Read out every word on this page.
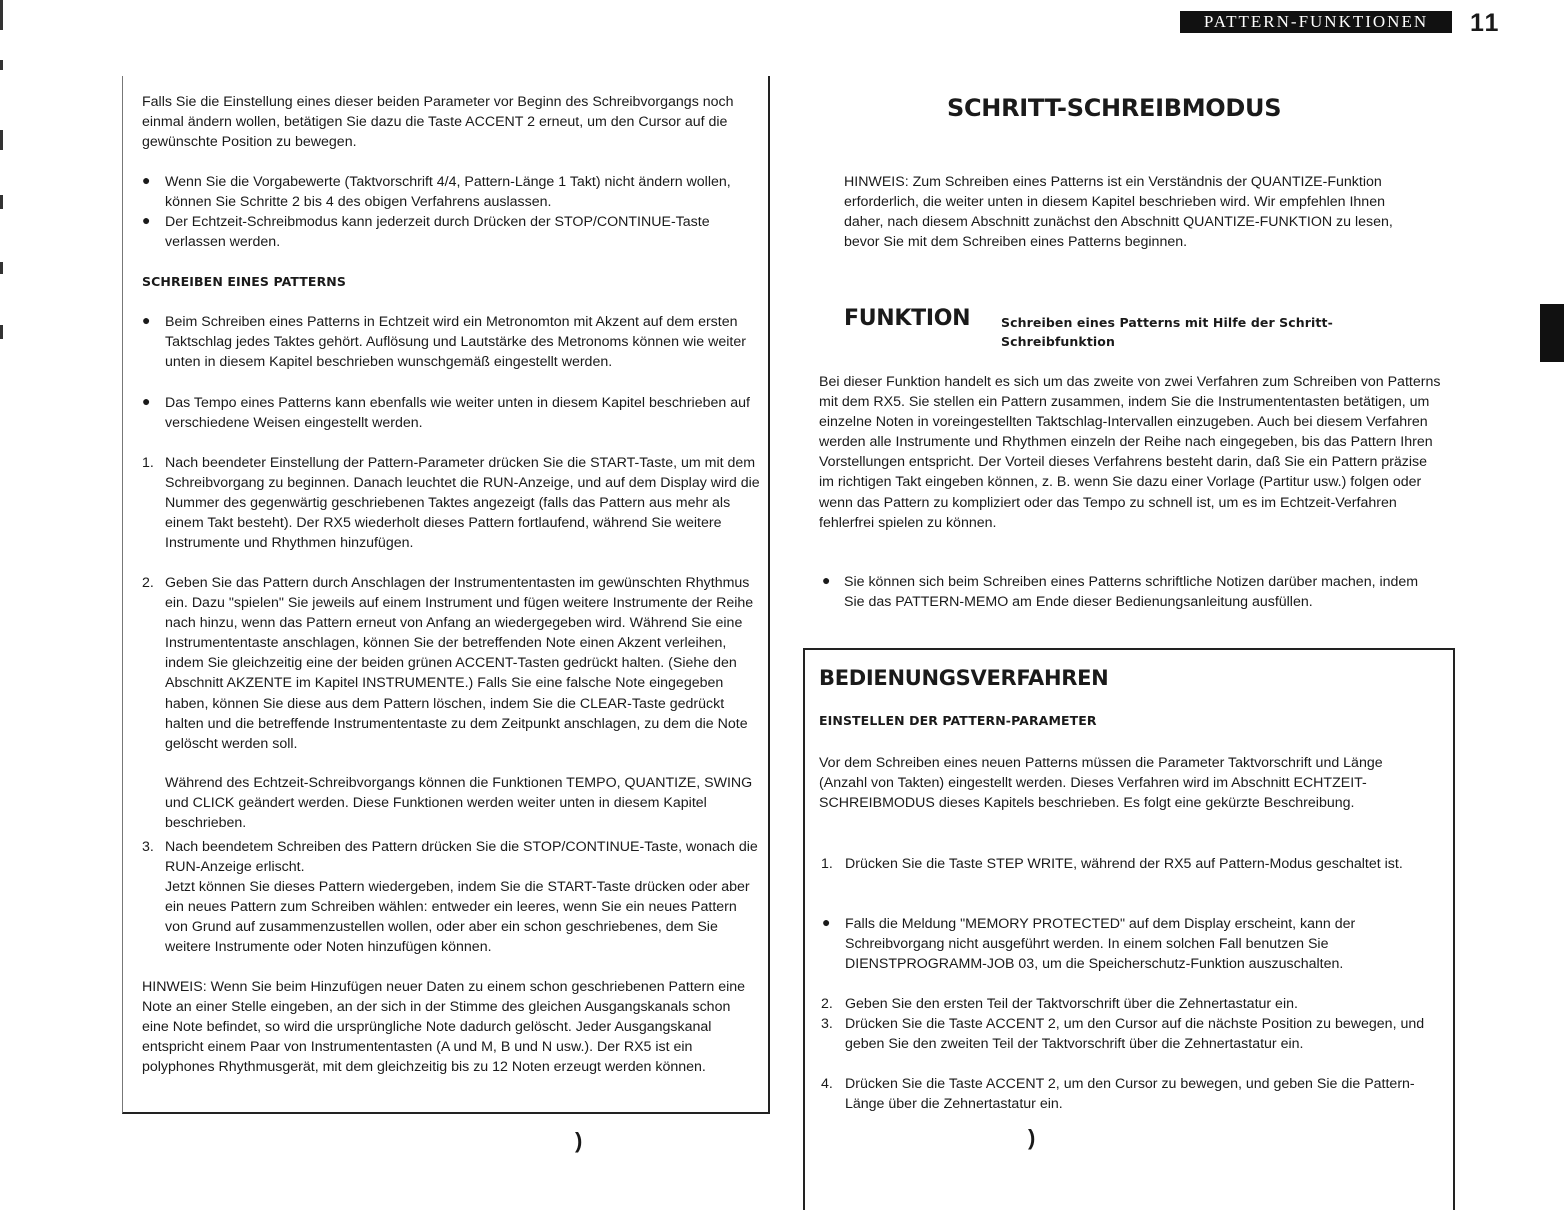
PATTERN-FUNKTIONEN	11

Falls Sie die Einstellung eines dieser beiden Parameter vor Beginn des Schreibvorgangs noch einmal ändern wollen, betätigen Sie dazu die Taste ACCENT 2 erneut, um den Cursor auf die gewünschte Position zu bewegen.

● Wenn Sie die Vorgabewerte (Taktvorschrift 4/4, Pattern-Länge 1 Takt) nicht ändern wollen, können Sie Schritte 2 bis 4 des obigen Verfahrens auslassen.

● Der Echtzeit-Schreibmodus kann jederzeit durch Drücken der STOP/CONTINUE-Taste verlassen werden.

SCHREIBEN EINES PATTERNS
● Beim Schreiben eines Patterns in Echtzeit wird ein Metronomton mit Akzent auf dem ersten Taktschlag jedes Taktes gehört. Auflösung und Lautstärke des Metronoms können wie weiter unten in diesem Kapitel beschrieben wunschgemäß eingestellt werden.

● Das Tempo eines Patterns kann ebenfalls wie weiter unten in diesem Kapitel beschrieben auf verschiedene Weisen eingestellt werden.

1. Nach beendeter Einstellung der Pattern-Parameter drücken Sie die START-Taste, um mit dem Schreibvorgang zu beginnen. Danach leuchtet die RUN-Anzeige, und auf dem Display wird die Nummer des gegenwärtig geschriebenen Taktes angezeigt (falls das Pattern aus mehr als einem Takt besteht). Der RX5 wiederholt dieses Pattern fortlaufend, während Sie weitere Instrumente und Rhythmen hinzufügen.

2. Geben Sie das Pattern durch Anschlagen der Instrumententasten im gewünschten Rhythmus ein. Dazu "spielen" Sie jeweils auf einem Instrument und fügen weitere Instrumente der Reihe nach hinzu, wenn das Pattern erneut von Anfang an wiedergegeben wird. Während Sie eine Instrumententaste anschlagen, können Sie der betreffenden Note einen Akzent verleihen, indem Sie gleichzeitig eine der beiden grünen ACCENT-Tasten gedrückt halten. (Siehe den Abschnitt AKZENTE im Kapitel INSTRUMENTE.) Falls Sie eine falsche Note eingegeben haben, können Sie diese aus dem Pattern löschen, indem Sie die CLEAR-Taste gedrückt halten und die betreffende Instrumententaste zu dem Zeitpunkt anschlagen, zu dem die Note gelöscht werden soll.

Während des Echtzeit-Schreibvorgangs können die Funktionen TEMPO, QUANTIZE, SWING und CLICK geändert werden. Diese Funktionen werden weiter unten in diesem Kapitel beschrieben.

3. Nach beendetem Schreiben des Pattern drücken Sie die STOP/CONTINUE-Taste, wonach die RUN-Anzeige erlischt.

Jetzt können Sie dieses Pattern wiedergeben, indem Sie die START-Taste drücken oder aber ein neues Pattern zum Schreiben wählen: entweder ein leeres, wenn Sie ein neues Pattern von Grund auf zusammenzustellen wollen, oder aber ein schon geschriebenes, dem Sie weitere Instrumente oder Noten hinzufügen können.

HINWEIS: Wenn Sie beim Hinzufügen neuer Daten zu einem schon geschriebenen Pattern eine Note an einer Stelle eingeben, an der sich in der Stimme des gleichen Ausgangskanals schon eine Note befindet, so wird die ursprüngliche Note dadurch gelöscht. Jeder Ausgangskanal entspricht einem Paar von Instrumententasten (A und M, B und N usw.). Der RX5 ist ein polyphones Rhythmusgerät, mit dem gleichzeitig bis zu 12 Noten erzeugt werden können.

)
SCHRITT-SCHREIBMODUS

HINWEIS: Zum Schreiben eines Patterns ist ein Verständnis der QUANTIZE-Funktion erforderlich, die weiter unten in diesem Kapitel beschrieben wird. Wir empfehlen Ihnen daher, nach diesem Abschnitt zunächst den Abschnitt QUANTIZE-FUNKTION zu lesen, bevor Sie mit dem Schreiben eines Patterns beginnen.

FUNKTION Schreiben eines Patterns mit Hilfe der Schritt-
Schreibfunktion

Bei dieser Funktion handelt es sich um das zweite von zwei Verfahren zum Schreiben von Patterns mit dem RX5. Sie stellen ein Pattern zusammen, indem Sie die Instrumententasten betätigen, um einzelne Noten in voreingestellten Taktschlag-Intervallen einzugeben. Auch bei diesem Verfahren werden alle Instrumente und Rhythmen einzeln der Reihe nach eingegeben, bis das Pattern Ihren Vorstellungen entspricht. Der Vorteil dieses Verfahrens besteht darin, daß Sie ein Pattern präzise im richtigen Takt eingeben können, z. B. wenn Sie dazu einer Vorlage (Partitur usw.) folgen oder wenn das Pattern zu kompliziert oder das Tempo zu schnell ist, um es im Echtzeit-Verfahren fehlerfrei spielen zu können.

● Sie können sich beim Schreiben eines Patterns schriftliche Notizen darüber machen, indem Sie das PATTERN-MEMO am Ende dieser Bedienungsanleitung ausfüllen.

BEDIENUNGSVERFAHREN
EINSTELLEN DER PATTERN-PARAMETER

Vor dem Schreiben eines neuen Patterns müssen die Parameter Taktvorschrift und Länge (Anzahl von Takten) eingestellt werden. Dieses Verfahren wird im Abschnitt ECHTZEIT-SCHREIBMODUS dieses Kapitels beschrieben. Es folgt eine gekürzte Beschreibung.

1. Drücken Sie die Taste STEP WRITE, während der RX5 auf Pattern-Modus geschaltet ist.

● Falls die Meldung "MEMORY PROTECTED" auf dem Display erscheint, kann der Schreibvorgang nicht ausgeführt werden. In einem solchen Fall benutzen Sie DIENSTPROGRAMM-JOB 03, um die Speicherschutz-Funktion auszuschalten.

2. Geben Sie den ersten Teil der Taktvorschrift über die Zehnertastatur ein.

3. Drücken Sie die Taste ACCENT 2, um den Cursor auf die nächste Position zu bewegen, und geben Sie den zweiten Teil der Taktvorschrift über die Zehnertastatur ein.

4. Drücken Sie die Taste ACCENT 2, um den Cursor zu bewegen, und geben Sie die Pattern-Länge über die Zehnertastatur ein.

)
